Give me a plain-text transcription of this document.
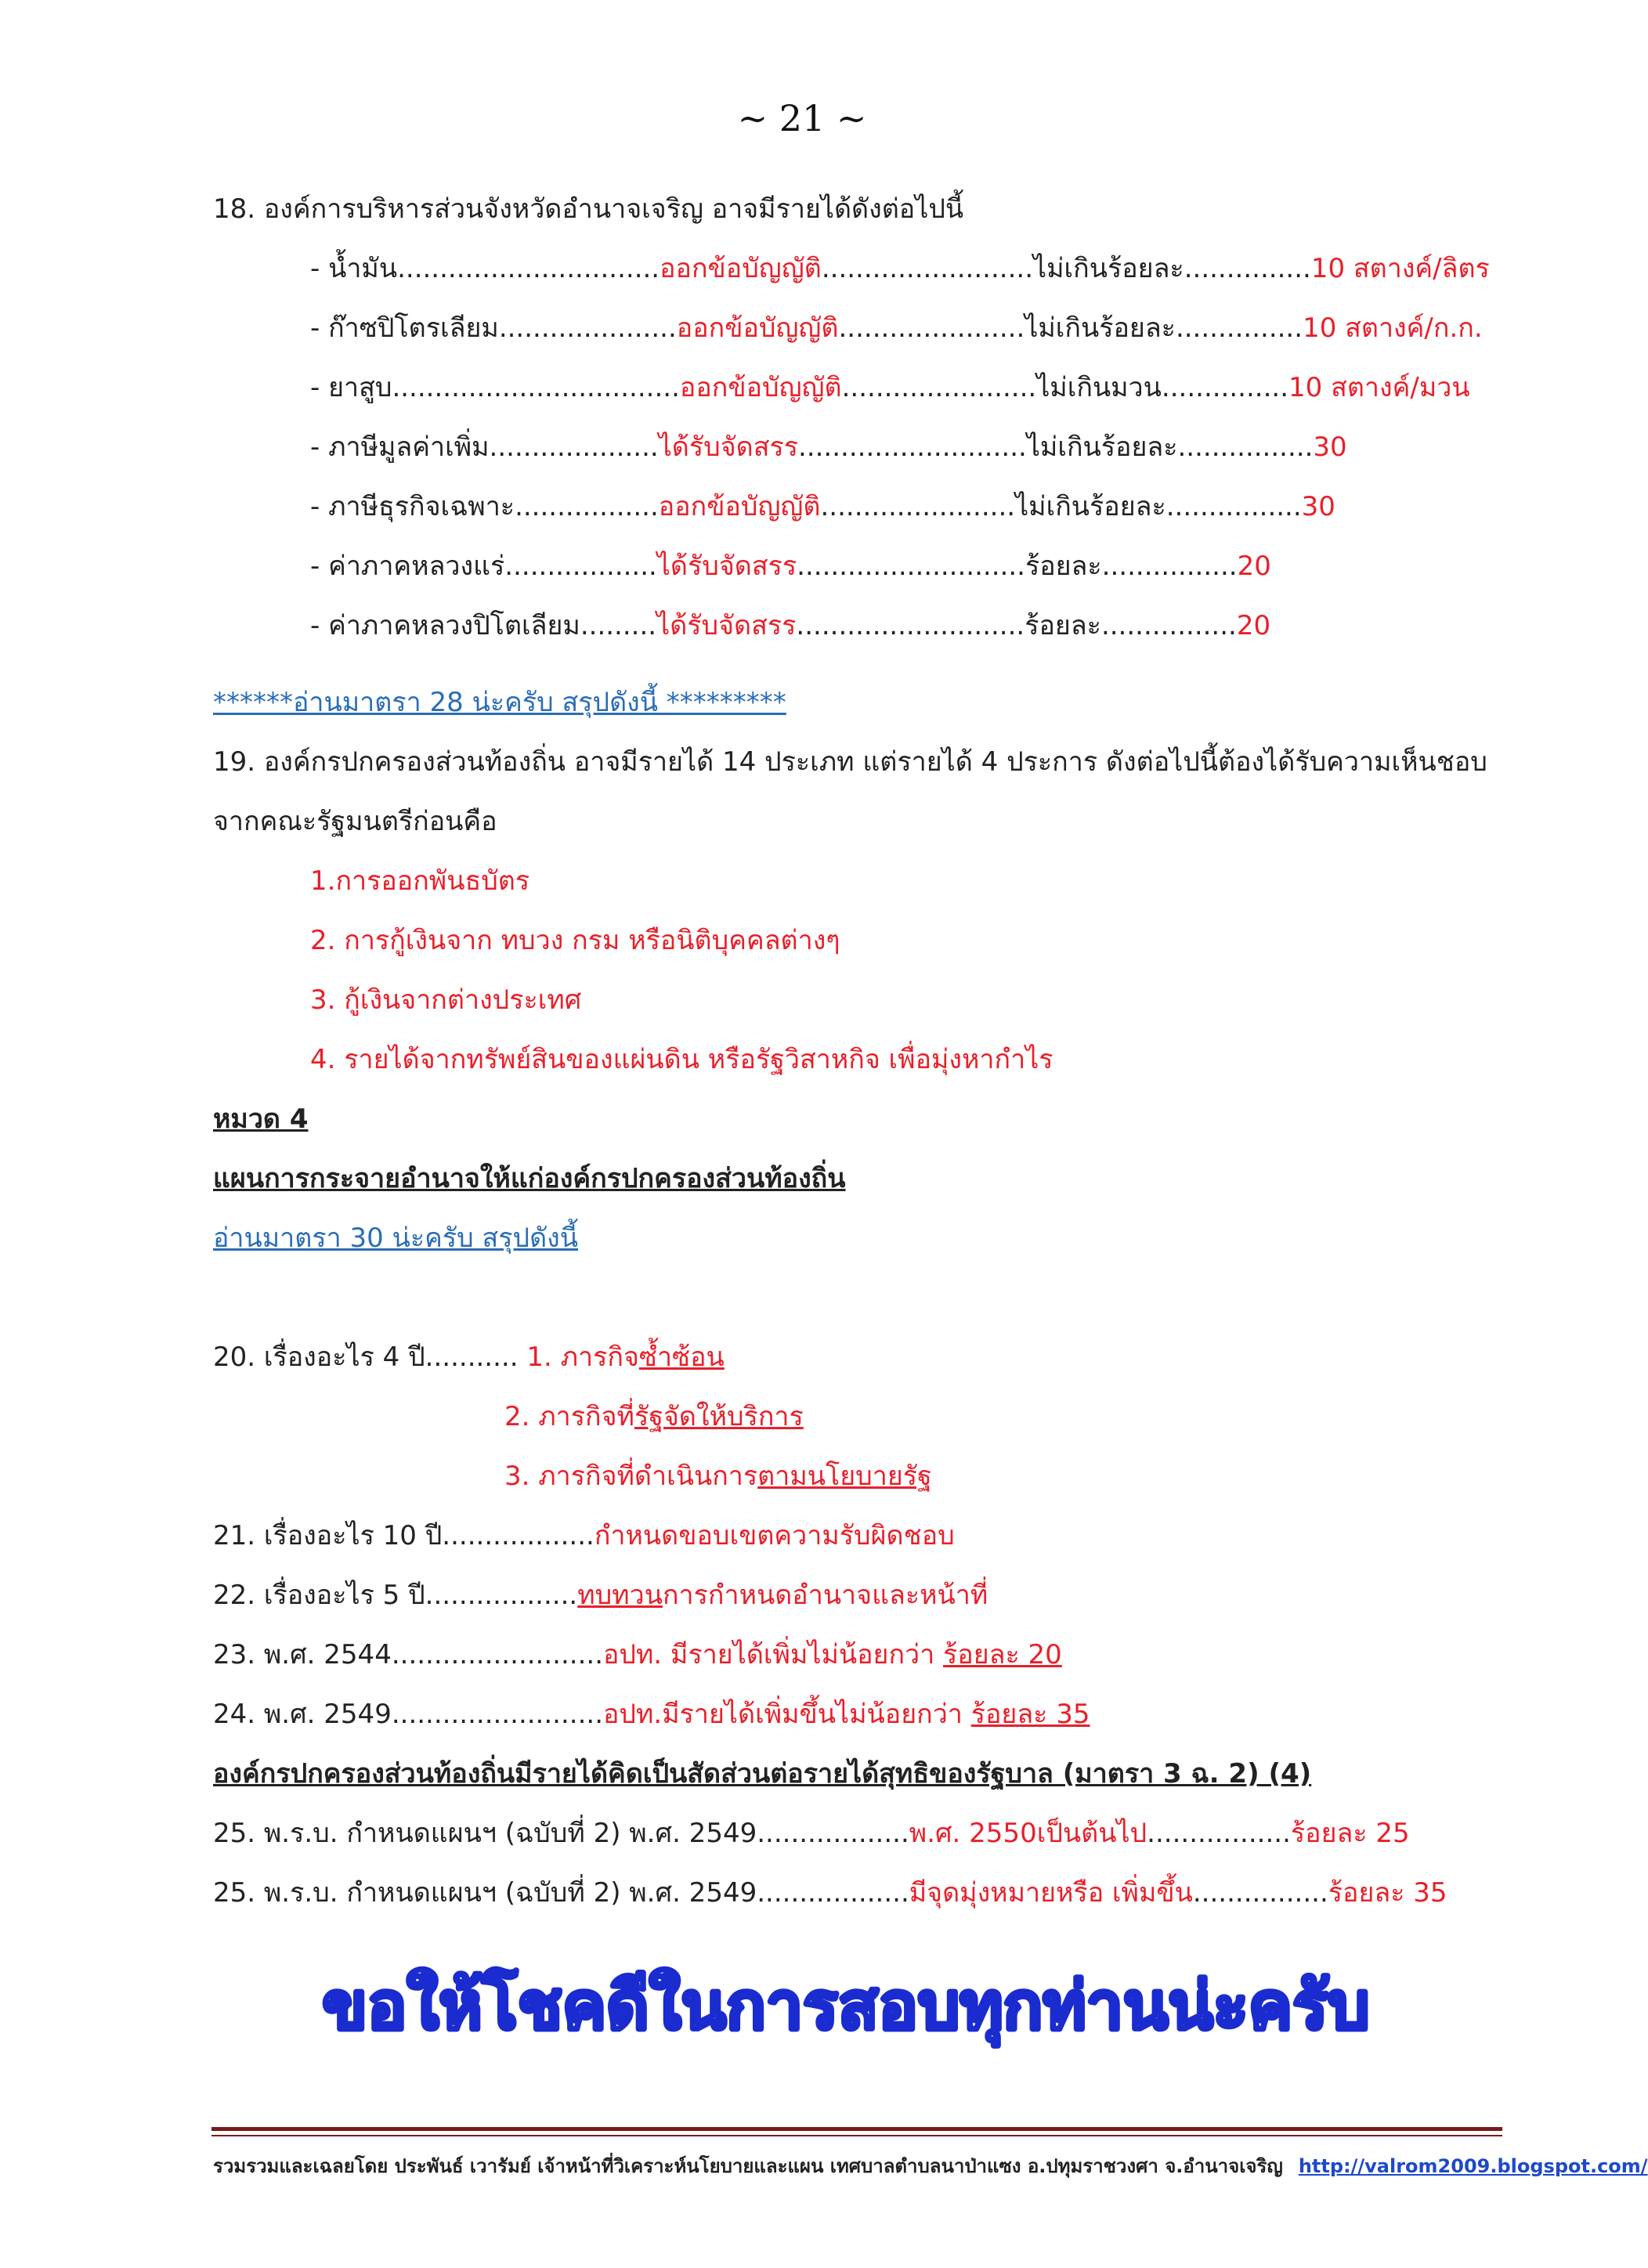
~ 21 ~
18. องค์การบริหารส่วนจังหวัดอำนาจเจริญ อาจมีรายได้ดังต่อไปนี้
- น้ำมัน...............................ออกข้อบัญญัติ.........................ไม่เกินร้อยละ...............10 สตางค์/ลิตร
- ก๊าซปิโตรเลียม.....................ออกข้อบัญญัติ......................ไม่เกินร้อยละ...............10 สตางค์/ก.ก.
- ยาสูบ..................................ออกข้อบัญญัติ.......................ไม่เกินมวน...............10 สตางค์/มวน
- ภาษีมูลค่าเพิ่ม....................ได้รับจัดสรร...........................ไม่เกินร้อยละ................30
- ภาษีธุรกิจเฉพาะ.................ออกข้อบัญญัติ.......................ไม่เกินร้อยละ................30
- ค่าภาคหลวงแร่..................ได้รับจัดสรร...........................ร้อยละ................20
- ค่าภาคหลวงปิโตเลียม.........ได้รับจัดสรร...........................ร้อยละ................20
******อ่านมาตรา 28 น่ะครับ สรุปดังนี้ *********
19. องค์กรปกครองส่วนท้องถิ่น อาจมีรายได้ 14 ประเภท แต่รายได้ 4 ประการ ดังต่อไปนี้ต้องได้รับความเห็นชอบ
จากคณะรัฐมนตรีก่อนคือ
1.การออกพันธบัตร
2. การกู้เงินจาก ทบวง กรม หรือนิติบุคคลต่างๆ
3. กู้เงินจากต่างประเทศ
4. รายได้จากทรัพย์สินของแผ่นดิน หรือรัฐวิสาหกิจ เพื่อมุ่งหากำไร
หมวด 4
แผนการกระจายอำนาจให้แก่องค์กรปกครองส่วนท้องถิ่น
อ่านมาตรา 30 น่ะครับ สรุปดังนี้
20. เรื่องอะไร 4 ปี........... 1. ภารกิจซ้ำซ้อน
2. ภารกิจที่รัฐจัดให้บริการ
3. ภารกิจที่ดำเนินการตามนโยบายรัฐ
21. เรื่องอะไร 10 ปี..................กำหนดขอบเขตความรับผิดชอบ
22. เรื่องอะไร 5 ปี..................ทบทวนการกำหนดอำนาจและหน้าที่
23. พ.ศ. 2544.........................อปท. มีรายได้เพิ่มไม่น้อยกว่า ร้อยละ 20
24. พ.ศ. 2549.........................อปท.มีรายได้เพิ่มขึ้นไม่น้อยกว่า ร้อยละ 35
องค์กรปกครองส่วนท้องถิ่นมีรายได้คิดเป็นสัดส่วนต่อรายได้สุทธิของรัฐบาล (มาตรา 3 ฉ. 2) (4)
25. พ.ร.บ. กำหนดแผนฯ (ฉบับที่ 2) พ.ศ. 2549..................พ.ศ. 2550เป็นต้นไป.................ร้อยละ 25
25. พ.ร.บ. กำหนดแผนฯ (ฉบับที่ 2) พ.ศ. 2549..................มีจุดมุ่งหมายหรือ เพิ่มขึ้น................ร้อยละ 35
ขอให้โชคดีในการสอบทุกท่านน่ะครับ
รวมรวมและเฉลยโดย ประพันธ์ เวารัมย์ เจ้าหน้าที่วิเคราะห์นโยบายและแผน เทศบาลตำบลนาป่าแซง อ.ปทุมราชวงศา จ.อำนาจเจริญ http://valrom2009.blogspot.com/
